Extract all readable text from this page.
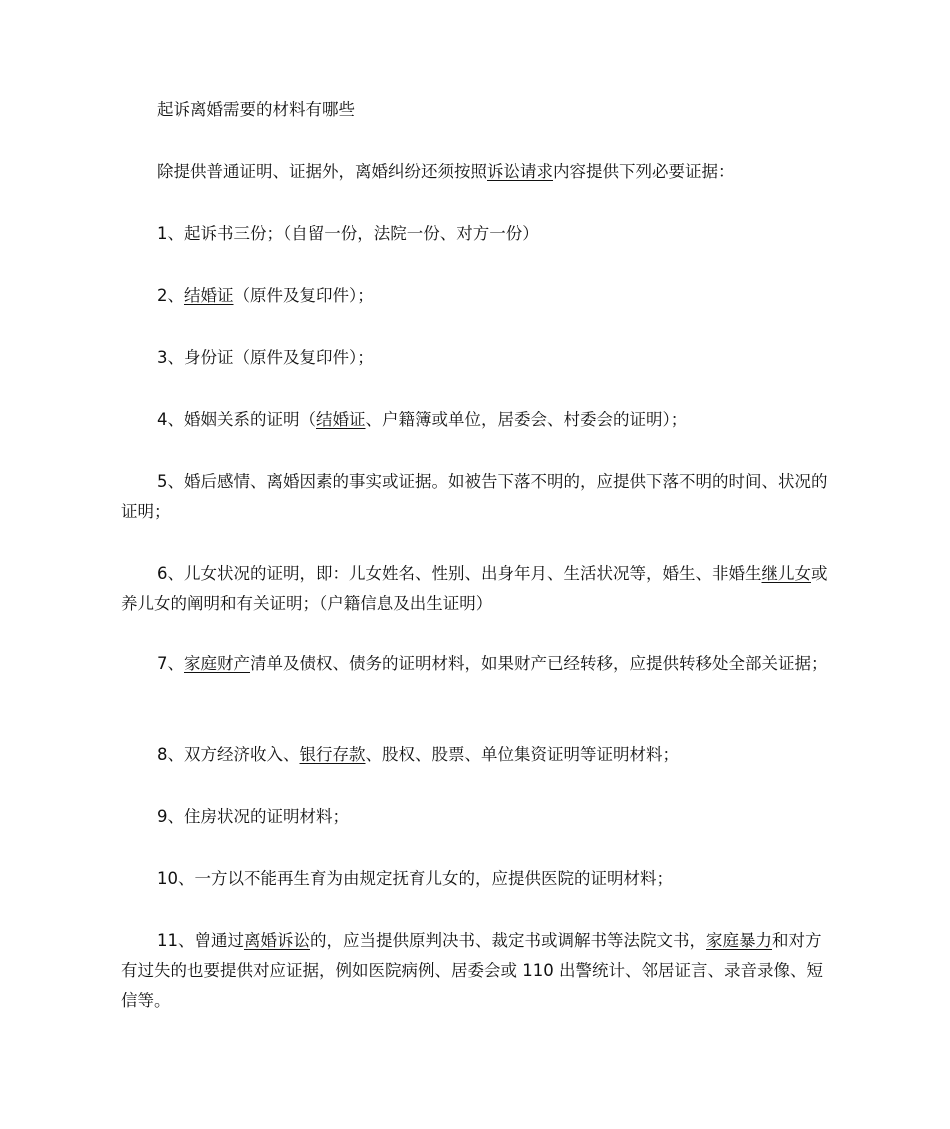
起诉离婚需要的材料有哪些

除提供普通证明、证据外，离婚纠纷还须按照诉讼请求内容提供下列必要证据：

1、起诉书三份；（自留一份，法院一份、对方一份）

2、结婚证（原件及复印件）；

3、身份证（原件及复印件）；

4、婚姻关系的证明（结婚证、户籍簿或单位，居委会、村委会的证明）；

5、婚后感情、离婚因素的事实或证据。如被告下落不明的，应提供下落不明的时间、状况的证明；

6、儿女状况的证明，即：儿女姓名、性别、出身年月、生活状况等，婚生、非婚生继儿女或养儿女的阐明和有关证明；（户籍信息及出生证明）

7、家庭财产清单及债权、债务的证明材料，如果财产已经转移，应提供转移处全部关证据；

8、双方经济收入、银行存款、股权、股票、单位集资证明等证明材料；

9、住房状况的证明材料；

10、一方以不能再生育为由规定抚育儿女的，应提供医院的证明材料；

11、曾通过离婚诉讼的，应当提供原判决书、裁定书或调解书等法院文书，家庭暴力和对方有过失的也要提供对应证据，例如医院病例、居委会或 110 出警统计、邻居证言、录音录像、短信等。
